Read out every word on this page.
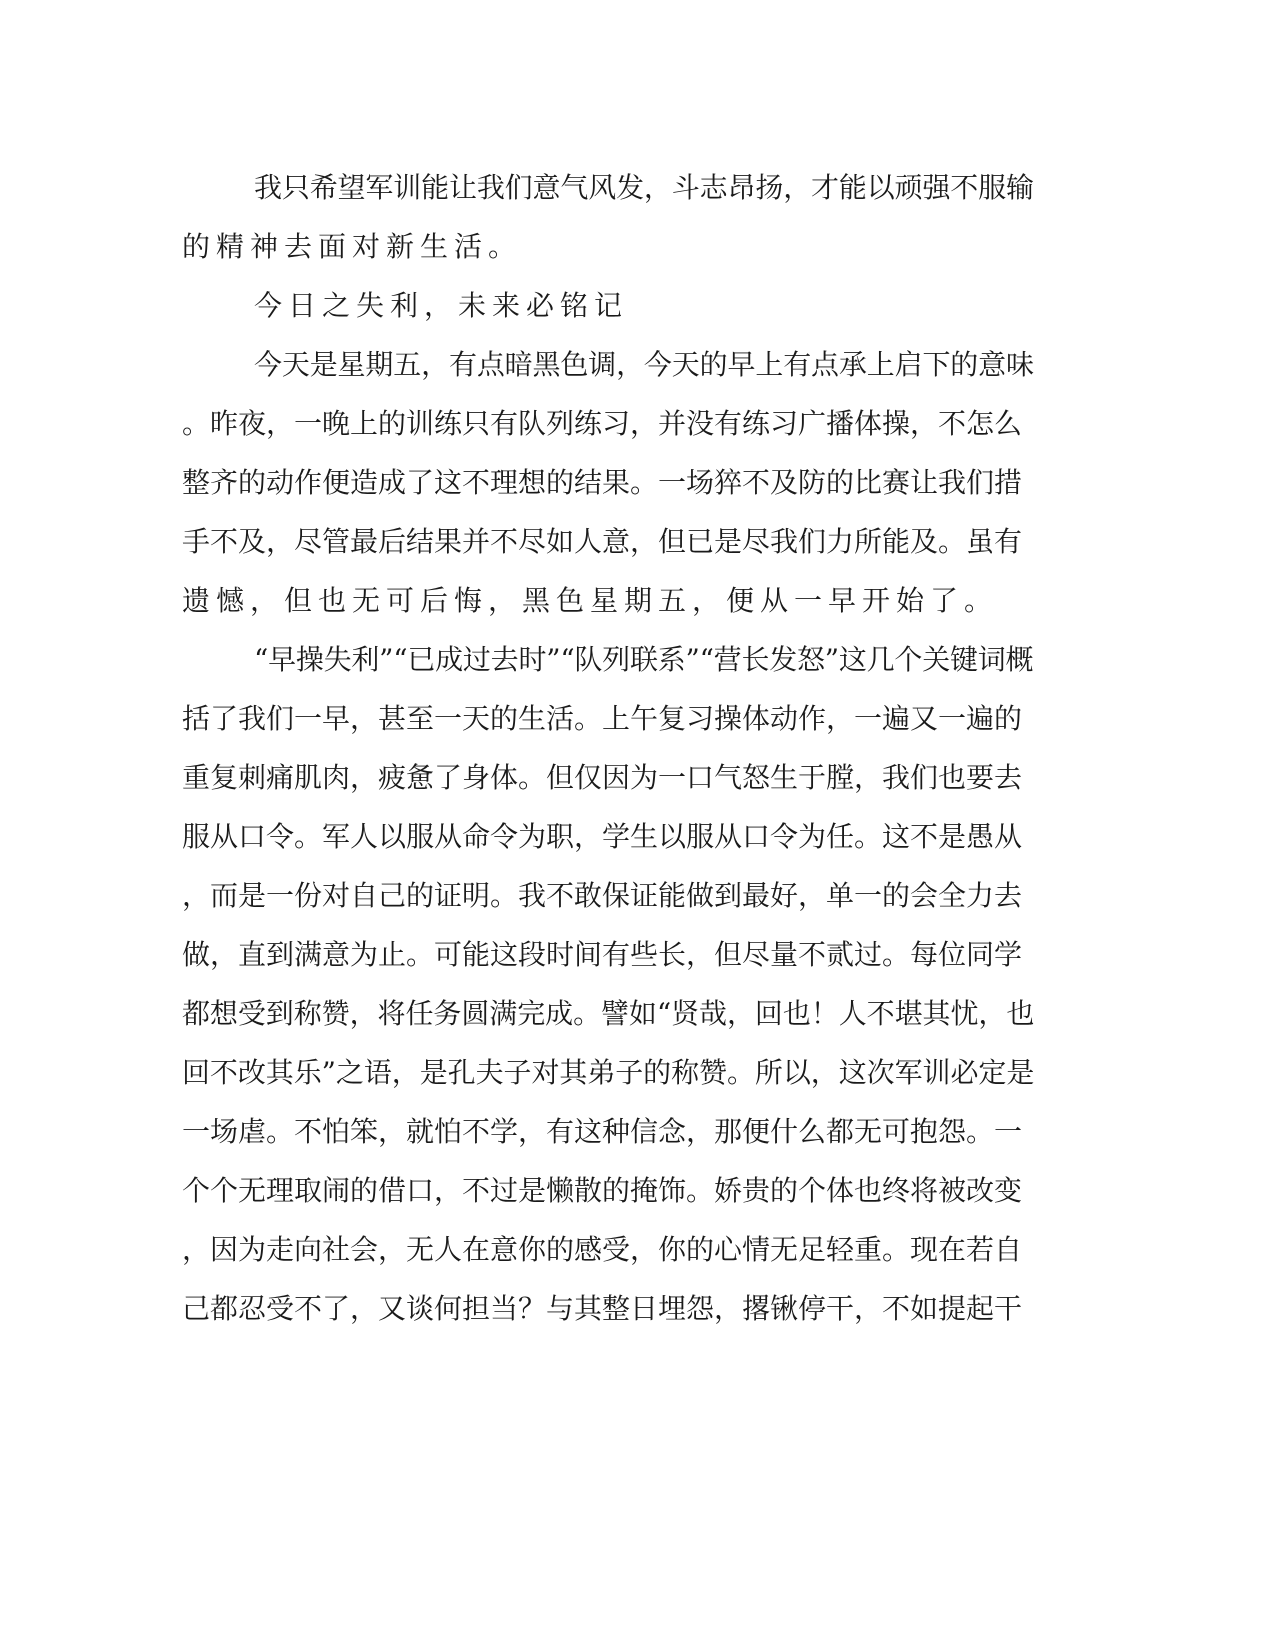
我只希望军训能让我们意气风发，斗志昂扬，才能以顽强不服输
的精神去面对新生活。
今日之失利，未来必铭记
今天是星期五，有点暗黑色调，今天的早上有点承上启下的意味
。昨夜，一晚上的训练只有队列练习，并没有练习广播体操，不怎么
整齐的动作便造成了这不理想的结果。一场猝不及防的比赛让我们措
手不及，尽管最后结果并不尽如人意，但已是尽我们力所能及。虽有
遗憾，但也无可后悔，黑色星期五，便从一早开始了。
“早操失利”“已成过去时”“队列联系”“营长发怒”这几个关键词概
括了我们一早，甚至一天的生活。上午复习操体动作，一遍又一遍的
重复刺痛肌肉，疲惫了身体。但仅因为一口气怒生于膛，我们也要去
服从口令。军人以服从命令为职，学生以服从口令为任。这不是愚从
，而是一份对自己的证明。我不敢保证能做到最好，单一的会全力去
做，直到满意为止。可能这段时间有些长，但尽量不贰过。每位同学
都想受到称赞，将任务圆满完成。譬如“贤哉，回也！人不堪其忧，也
回不改其乐”之语，是孔夫子对其弟子的称赞。所以，这次军训必定是
一场虐。不怕笨，就怕不学，有这种信念，那便什么都无可抱怨。一
个个无理取闹的借口，不过是懒散的掩饰。娇贵的个体也终将被改变
，因为走向社会，无人在意你的感受，你的心情无足轻重。现在若自
己都忍受不了，又谈何担当？与其整日埋怨，撂锹停干，不如提起干
